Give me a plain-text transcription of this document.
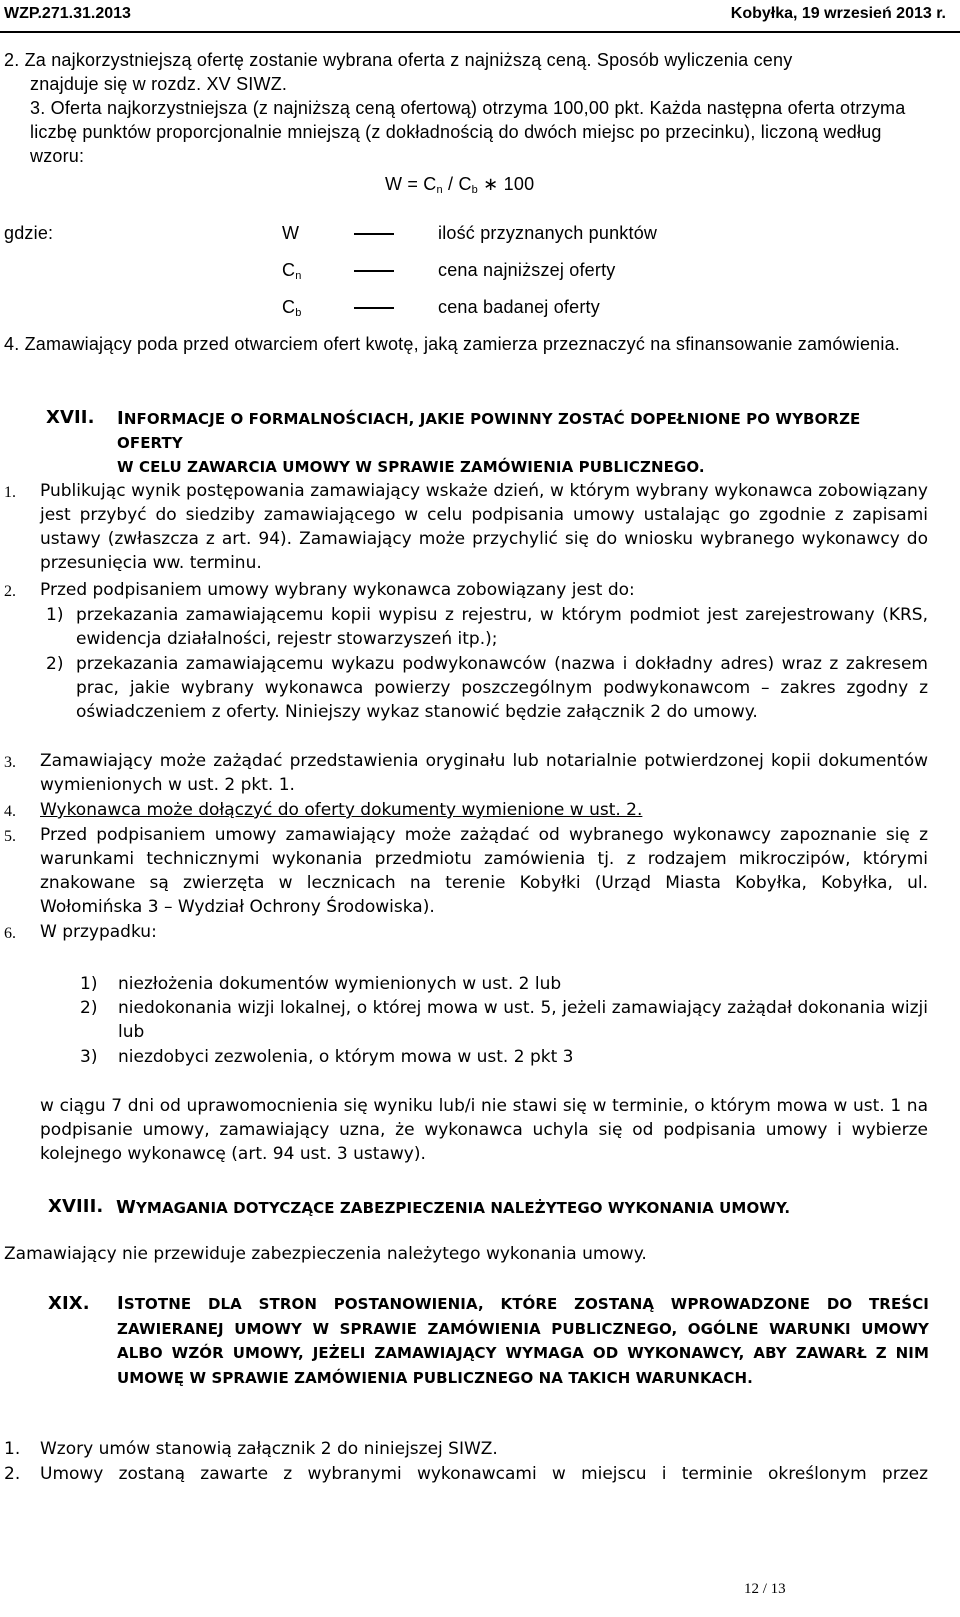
WZP.271.31.2013	Kobyłka, 19 wrzesień 2013 r.
2. Za najkorzystniejszą ofertę zostanie wybrana oferta z najniższą ceną. Sposób wyliczenia ceny
znajduje się w rozdz. XV SIWZ.
3. Oferta najkorzystniejsza (z najniższą ceną ofertową) otrzyma 100,00 pkt. Każda następna oferta otrzyma liczbę punktów proporcjonalnie mniejszą (z dokładnością do dwóch miejsc po przecinku), liczoną według wzoru:
$W = C_n / C_b$ ∗ 100
gdzie:	W	ilość przyznanych punktów
$C_n$	cena najniższej oferty
$C_b$	cena badanej oferty
4. Zamawiający poda przed otwarciem ofert kwotę, jaką zamierza przeznaczyć na sfinansowanie zamówienia.
XVII. INFORMACJE O FORMALNOŚCIACH, JAKIE POWINNY ZOSTAĆ DOPEŁNIONE PO WYBORZE OFERTY
W CELU ZAWARCIA UMOWY W SPRAWIE ZAMÓWIENIA PUBLICZNEGO.
1. Publikując wynik postępowania zamawiający wskaże dzień, w którym wybrany wykonawca zobowiązany jest przybyć do siedziby zamawiającego w celu podpisania umowy ustalając go zgodnie z zapisami ustawy (zwłaszcza z art. 94). Zamawiający może przychylić się do wniosku wybranego wykonawcy do przesunięcia ww. terminu.
2. Przed podpisaniem umowy wybrany wykonawca zobowiązany jest do:
1) przekazania zamawiającemu kopii wypisu z rejestru, w którym podmiot jest zarejestrowany (KRS, ewidencja działalności, rejestr stowarzyszeń itp.);
2) przekazania zamawiającemu wykazu podwykonawców (nazwa i dokładny adres) wraz z zakresem prac, jakie wybrany wykonawca powierzy poszczególnym podwykonawcom – zakres zgodny z oświadczeniem z oferty. Niniejszy wykaz stanowić będzie załącznik 2 do umowy.
3. Zamawiający może zażądać przedstawienia oryginału lub notarialnie potwierdzonej kopii dokumentów wymienionych w ust. 2 pkt. 1.
4. Wykonawca może dołączyć do oferty dokumenty wymienione w ust. 2.
5. Przed podpisaniem umowy zamawiający może zażądać od wybranego wykonawcy zapoznanie się z warunkami technicznymi wykonania przedmiotu zamówienia tj. z rodzajem mikroczipów, którymi znakowane są zwierzęta w lecznicach na terenie Kobyłki (Urząd Miasta Kobyłka, Kobyłka, ul. Wołomińska 3 – Wydział Ochrony Środowiska).
6. W przypadku:
1) niezłożenia dokumentów wymienionych w ust. 2 lub
2) niedokonania wizji lokalnej, o której mowa w ust. 5, jeżeli zamawiający zażądał dokonania wizji lub
3) niezdobyci zezwolenia, o którym mowa w ust. 2 pkt 3
w ciągu 7 dni od uprawomocnienia się wyniku lub/i nie stawi się w terminie, o którym mowa w ust. 1 na podpisanie umowy, zamawiający uzna, że wykonawca uchyla się od podpisania umowy i wybierze kolejnego wykonawcę (art. 94 ust. 3 ustawy).
XVIII. WYMAGANIA DOTYCZĄCE ZABEZPIECZENIA NALEŻYTEGO WYKONANIA UMOWY.
Zamawiający nie przewiduje zabezpieczenia należytego wykonania umowy.
XIX. ISTOTNE DLA STRON POSTANOWIENIA, KTÓRE ZOSTANĄ WPROWADZONE DO TREŚCI
ZAWIERANEJ UMOWY W SPRAWIE ZAMÓWIENIA PUBLICZNEGO, OGÓLNE WARUNKI UMOWY
ALBO WZÓR UMOWY, JEŻELI ZAMAWIAJĄCY WYMAGA OD WYKONAWCY, ABY ZAWARŁ Z NIM
UMOWĘ W SPRAWIE ZAMÓWIENIA PUBLICZNEGO NA TAKICH WARUNKACH.
1. Wzory umów stanowią załącznik 2 do niniejszej SIWZ.
2. Umowy zostaną zawarte z wybranymi wykonawcami w miejscu i terminie określonym przez
12 / 13
